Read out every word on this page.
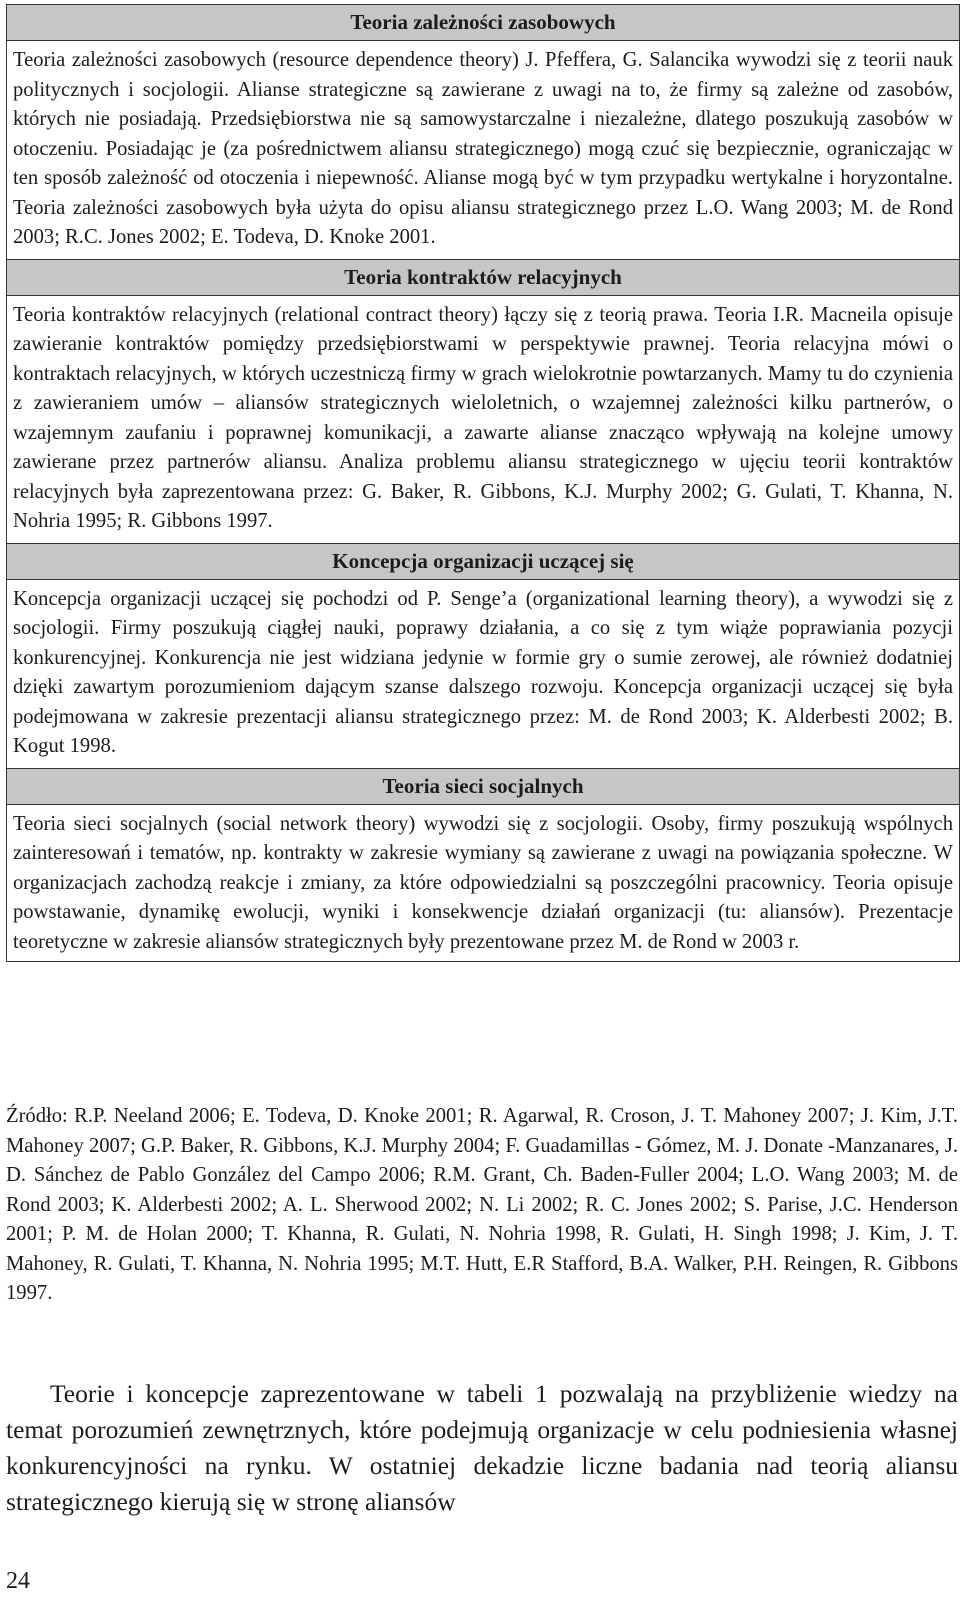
Teoria zależności zasobowych
Teoria zależności zasobowych (resource dependence theory) J. Pfeffera, G. Salancika wywodzi się z teorii nauk politycznych i socjologii. Alianse strategiczne są zawierane z uwagi na to, że firmy są zależne od zasobów, których nie posiadają. Przedsiębiorstwa nie są samowystarczalne i niezależne, dlatego poszukują zasobów w otoczeniu. Posiadając je (za pośrednictwem aliansu strategicznego) mogą czuć się bezpiecznie, ograniczając w ten sposób zależność od otoczenia i niepewność. Alianse mogą być w tym przypadku wertykalne i horyzontalne. Teoria zależności zasobowych była użyta do opisu aliansu strategicznego przez L.O. Wang 2003; M. de Rond 2003; R.C. Jones 2002; E. Todeva, D. Knoke 2001.
Teoria kontraktów relacyjnych
Teoria kontraktów relacyjnych (relational contract theory) łączy się z teorią prawa. Teoria I.R. Macneila opisuje zawieranie kontraktów pomiędzy przedsiębiorstwami w perspektywie prawnej. Teoria relacyjna mówi o kontraktach relacyjnych, w których uczestniczą firmy w grach wielokrotnie powtarzanych. Mamy tu do czynienia z zawieraniem umów – aliansów strategicznych wieloletnich, o wzajemnej zależności kilku partnerów, o wzajemnym zaufaniu i poprawnej komunikacji, a zawarte alianse znacząco wpływają na kolejne umowy zawierane przez partnerów aliansu. Analiza problemu aliansu strategicznego w ujęciu teorii kontraktów relacyjnych była zaprezentowana przez: G. Baker, R. Gibbons, K.J. Murphy 2002; G. Gulati, T. Khanna, N. Nohria 1995; R. Gibbons 1997.
Koncepcja organizacji uczącej się
Koncepcja organizacji uczącej się pochodzi od P. Senge’a (organizational learning theory), a wywodzi się z socjologii. Firmy poszukują ciągłej nauki, poprawy działania, a co się z tym wiąże poprawiania pozycji konkurencyjnej. Konkurencja nie jest widziana jedynie w formie gry o sumie zerowej, ale również dodatniej dzięki zawartym porozumieniom dającym szanse dalszego rozwoju. Koncepcja organizacji uczącej się była podejmowana w zakresie prezentacji aliansu strategicznego przez: M. de Rond 2003; K. Alderbesti 2002; B. Kogut 1998.
Teoria sieci socjalnych
Teoria sieci socjalnych (social network theory) wywodzi się z socjologii. Osoby, firmy poszukują wspólnych zainteresowań i tematów, np. kontrakty w zakresie wymiany są zawierane z uwagi na powiązania społeczne. W organizacjach zachodzą reakcje i zmiany, za które odpowiedzialni są poszczególni pracownicy. Teoria opisuje powstawanie, dynamikę ewolucji, wyniki i konsekwencje działań organizacji (tu: aliansów). Prezentacje teoretyczne w zakresie aliansów strategicznych były prezentowane przez M. de Rond w 2003 r.
Źródło: R.P. Neeland 2006; E. Todeva, D. Knoke 2001; R. Agarwal, R. Croson, J. T. Mahoney 2007; J. Kim, J.T. Mahoney 2007; G.P. Baker, R. Gibbons, K.J. Murphy 2004; F. Guadamillas - Gómez, M. J. Donate -Manzanares, J. D. Sánchez de Pablo González del Campo 2006; R.M. Grant, Ch. Baden-Fuller 2004; L.O. Wang 2003; M. de Rond 2003; K. Alderbesti 2002; A. L. Sherwood 2002; N. Li 2002; R. C. Jones 2002; S. Parise, J.C. Henderson 2001; P. M. de Holan 2000; T. Khanna, R. Gulati, N. Nohria 1998, R. Gulati, H. Singh 1998; J. Kim, J. T. Mahoney, R. Gulati, T. Khanna, N. Nohria 1995; M.T. Hutt, E.R Stafford, B.A. Walker, P.H. Reingen, R. Gibbons 1997.
Teorie i koncepcje zaprezentowane w tabeli 1 pozwalają na przybliżenie wiedzy na temat porozumień zewnętrznych, które podejmują organizacje w celu podniesienia własnej konkurencyjności na rynku. W ostatniej dekadzie liczne badania nad teorią aliansu strategicznego kierują się w stronę aliansów
24
